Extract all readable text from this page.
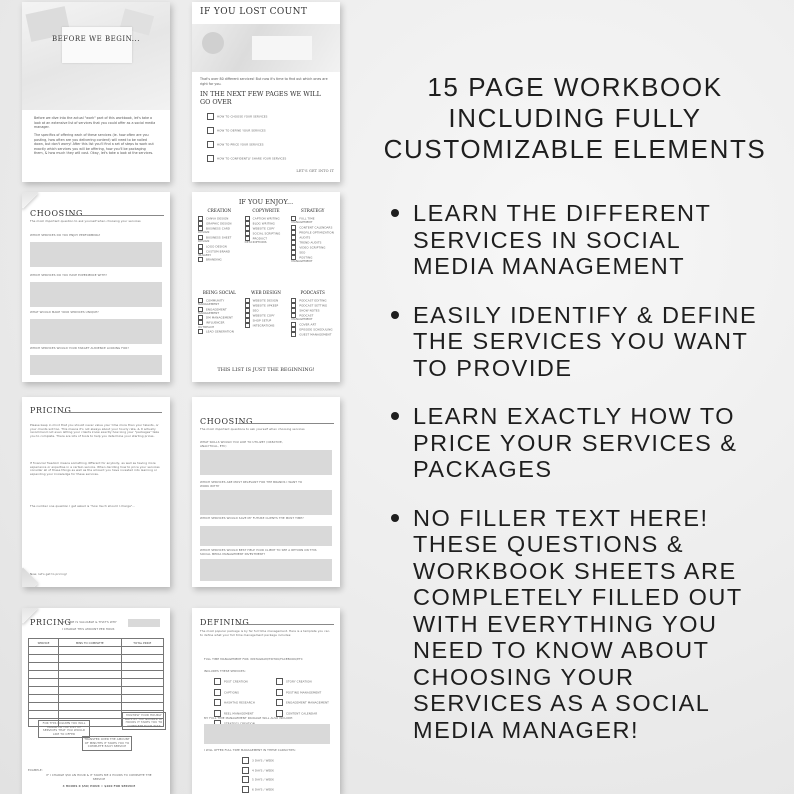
BEFORE WE BEGIN...
Before we dive into the actual "work" part of this workbook, let's take a look at an extensive list of services that you could offer as a social media manager.
The specifics of offering each of these services (ie. how often are you posting, how often are you delivering content) will need to be nailed down, but don't worry! After this list you'll find a set of steps to work out exactly which services you will be offering, how you'll be packaging them, & how much they will cost. Okay, let's take a look at the services.
IF YOU LOST COUNT
That's over 80 different services! But now it's time to find out which ones are right for you.
IN THE NEXT FEW PAGES WE WILL GO OVER
HOW TO CHOOSE YOUR SERVICES
HOW TO DEFINE YOUR SERVICES
HOW TO PRICE YOUR SERVICES
HOW TO CONFIDENTLY SHARE YOUR SERVICES
LET'S GET INTO IT
CHOOSING
The most important question to ask yourself when choosing your services
WHICH SERVICES DO YOU ENJOY PERFORMING?
WHICH SERVICES DO YOU HAVE EXPERIENCE WITH?
WHAT WOULD MAKE YOUR SERVICES UNIQUE?
WHICH SERVICES WOULD YOUR TARGET AUDIENCE LOOKING FOR?
IF YOU ENJOY...
CREATION
CANVA DESIGN
GRAPHIC DESIGN
BUSINESS CARD DESIGN
BUSINESS SHEET DESIGN
LOGO DESIGN
CUSTOM BRAND IMAGERY
BRANDING
COPYWRITE
CAPTION WRITING
BLOG WRITING
WEBSITE COPY
SOCIAL SCRIPTING
PRODUCT DESCRIPTIONS
STRATEGY
FULL TIME MANAGEMENT
CONTENT CALENDARS
PROFILE OPTIMIZATION
AUDITS
TREND AUDITS
VIDEO SCRIPTING
SEO
POSTING MANAGEMENT
BEING SOCIAL
COMMUNITY MANAGEMENT
ENGAGEMENT MANAGEMENT
DM MANAGEMENT
INFLUENCER OUTREACH
LEAD GENERATION
WEB DESIGN
WEBSITE DESIGN
WEBSITE UPKEEP
SEO
WEBSITE COPY
SHOP SETUP
INTEGRATIONS
PODCASTS
PODCAST EDITING
PODCAST SETTING
SHOW NOTES
PODCAST MANAGEMENT
COVER ART
EPISODE SCHEDULING
GUEST MANAGEMENT
THIS LIST IS JUST THE BEGINNING!
PRICING
Please keep in mind that you should never value your time more than your talents, or your clients will too. This means it's not always about your hourly rate, & it actually recommend not even letting your clients know exactly how long your "packages" take you to complete. There are lots of tools to help you determine your starting prices.
If financial freedom means something different for anybody, as well as having more experience or expertise in a certain service. When deciding how to price your services consider all of these things as well as the amount you have invested into learning or expanding your knowledge for these services.
The number one question I get asked is "how much should I charge"...
Now, let's get to pricing!
CHOOSING
The most important questions to ask yourself when choosing services
WHAT SKILLS WOULD YOU LIKE TO UTILIZE? (CREATIVE, ANALYTICAL, ETC)
WHICH SERVICES ARE MOST RELEVANT FOR THE BRANDS I WANT TO WORK WITH?
WHICH SERVICES WOULD SAVE MY FUTURE CLIENTS THE MOST TIME?
WHICH SERVICES WOULD BEST HELP YOUR CLIENT TO SEE A RETURN ON THIS SOCIAL MEDIA MANAGEMENT INVESTMENT?
PRICING
MY TIME IS VALUABLE & THAT'S WHY
I CHARGE THIS AMOUNT PER HOUR
SERVICE	MINS TO COMPLETE	TOTAL PRICE

FOR THIS COLUMN YOU WILL TRANSFER THE LIST OF SERVICES THAT YOU WOULD LIKE TO OFFER
TRANSFER OVER THE AMOUNT OF MINUTES IT TAKES YOU TO COMPLETE EACH SERVICE
MULTIPLY YOUR HOURLY RATE BY THE NUMBER OF HOURS IT TAKES YOU TO COMPLETE EACH TASK
EXAMPLE:
IF I CHARGE $50 AN HOUR & IT TAKES ME 4 HOURS TO COMPLETE THE SERVICE
4 HOURS X $50/ HOUR = $200 FOR SERVICE
DEFINING
The most popular package is by far full time management. Here is a template you can to define what your full time management package includes:
FULL TIME MANAGEMENT FOR: INSTAGRAM/TIKTOK/FACEBOOK/ETC
INCLUDES THESE SERVICES:
POST CREATION
CAPTIONS
HASHTAG RESEARCH
REEL MANAGEMENT
STORY CREATION
POSTING MANAGEMENT
ENGAGEMENT MANAGEMENT
CONTENT CALENDAR
MY FULL TIME MANAGEMENT PACKAGE WILL ALSO INCLUDE:
I WILL OFFER FULL TIME MANAGEMENT IN THESE CAPACITIES:
3 DAYS / WEEK
4 DAYS / WEEK
5 DAYS / WEEK
6 DAYS / WEEK
15 PAGE WORKBOOK
INCLUDING FULLY
CUSTOMIZABLE ELEMENTS
LEARN THE DIFFERENT
SERVICES IN SOCIAL
MEDIA MANAGEMENT
EASILY IDENTIFY & DEFINE
THE SERVICES YOU WANT
TO PROVIDE
LEARN EXACTLY HOW TO
PRICE YOUR SERVICES &
PACKAGES
NO FILLER TEXT HERE!
THESE QUESTIONS &
WORKBOOK SHEETS ARE
COMPLETELY FILLED OUT
WITH EVERYTHING YOU
NEED TO KNOW ABOUT
CHOOSING YOUR
SERVICES AS A SOCIAL
MEDIA MANAGER!
